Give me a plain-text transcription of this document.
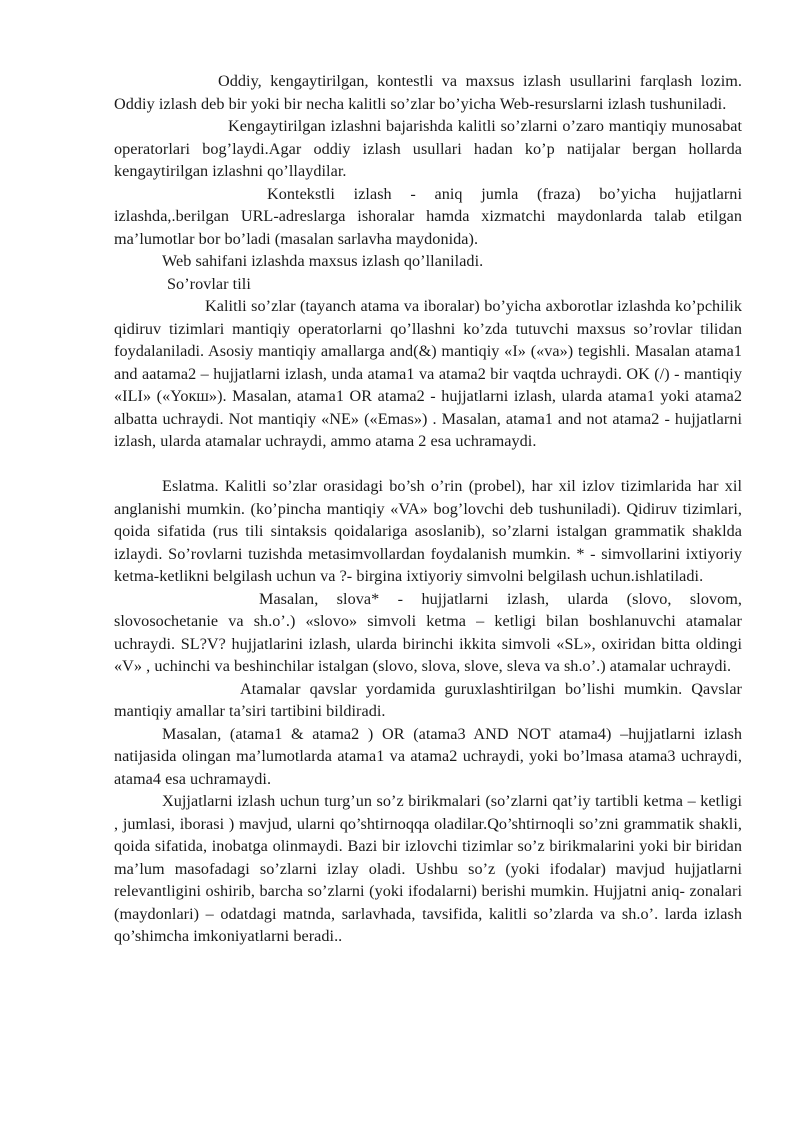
Oddiy, kengaytirilgan, kontestli va maxsus izlash usullarini farqlash lozim. Oddiy izlash deb bir yoki bir necha kalitli so’zlar bo’yicha Web-resurslarni izlash tushuniladi.

Kengaytirilgan izlashni bajarishda kalitli so’zlarni o’zaro mantiqiy munosabat operatorlari bog’laydi.Agar oddiy izlash usullari hadan ko’p natijalar bergan hollarda kengaytirilgan izlashni qo’llaydilar.

Kontekstli izlash - aniq jumla (fraza) bo’yicha hujjatlarni izlashda,.berilgan URL-adreslarga ishoralar hamda xizmatchi maydonlarda talab etilgan ma’lumotlar bor bo’ladi (masalan sarlavha maydonida).

Web sahifani izlashda maxsus izlash qo’llaniladi.

So’rovlar tili

Kalitli so’zlar (tayanch atama va iboralar) bo’yicha axborotlar izlashda ko’pchilik qidiruv tizimlari mantiqiy operatorlarni qo’llashni ko’zda tutuvchi maxsus so’rovlar tilidan foydalaniladi. Asosiy mantiqiy amallarga and(&) mantiqiy «I» («va») tegishli. Masalan atama1 and aatama2 – hujjatlarni izlash, unda atama1 va atama2 bir vaqtda uchraydi. OK (/) - mantiqiy «ILI» («Yoкш»). Masalan, atama1 OR atama2 - hujjatlarni izlash, ularda atama1 yoki atama2 albatta uchraydi. Not mantiqiy «NE» («Emas») . Masalan, atama1 and not atama2 - hujjatlarni izlash, ularda atamalar uchraydi, ammo atama 2 esa uchramaydi.

Eslatma. Kalitli so’zlar orasidagi bo’sh o’rin (probel), har xil izlov tizimlarida har xil anglanishi mumkin. (ko’pincha mantiqiy «VA» bog’lovchi deb tushuniladi). Qidiruv tizimlari, qoida sifatida (rus tili sintaksis qoidalariga asoslanib), so’zlarni istalgan grammatik shaklda izlaydi. So’rovlarni tuzishda metasimvollardan foydalanish mumkin. * - simvollarini ixtiyoriy ketma-ketlikni belgilash uchun va ?- birgina ixtiyoriy simvolni belgilash uchun.ishlatiladi.

Masalan, slova* - hujjatlarni izlash, ularda (slovo, slovom, slovosochetanie va sh.o’.) «slovo» simvoli ketma – ketligi bilan boshlanuvchi atamalar uchraydi. SL?V? hujjatlarini izlash, ularda birinchi ikkita simvoli «SL», oxiridan bitta oldingi «V» , uchinchi va beshinchilar istalgan (slovo, slova, slove, sleva va sh.o’.) atamalar uchraydi.

Atamalar qavslar yordamida guruxlashtirilgan bo’lishi mumkin. Qavslar mantiqiy amallar ta’siri tartibini bildiradi.

Masalan, (atama1 & atama2 ) OR (atama3 AND NOT atama4) –hujjatlarni izlash natijasida olingan ma’lumotlarda atama1 va atama2 uchraydi, yoki bo’lmasa atama3 uchraydi, atama4 esa uchramaydi.

Xujjatlarni izlash uchun turg’un so’z birikmalari (so’zlarni qat’iy tartibli ketma – ketligi , jumlasi, iborasi ) mavjud, ularni qo’shtirnoqqa oladilar.Qo’shtirnoqli so’zni grammatik shakli, qoida sifatida, inobatga olinmaydi. Bazi bir izlovchi tizimlar so’z birikmalarini yoki bir biridan ma’lum masofadagi so’zlarni izlay oladi. Ushbu so’z (yoki ifodalar) mavjud hujjatlarni relevantligini oshirib, barcha so’zlarni (yoki ifodalarni) berishi mumkin. Hujjatni aniq- zonalari (maydonlari) – odatdagi matnda, sarlavhada, tavsifida, kalitli so’zlarda va sh.o’. larda izlash qo’shimcha imkoniyatlarni beradi..
